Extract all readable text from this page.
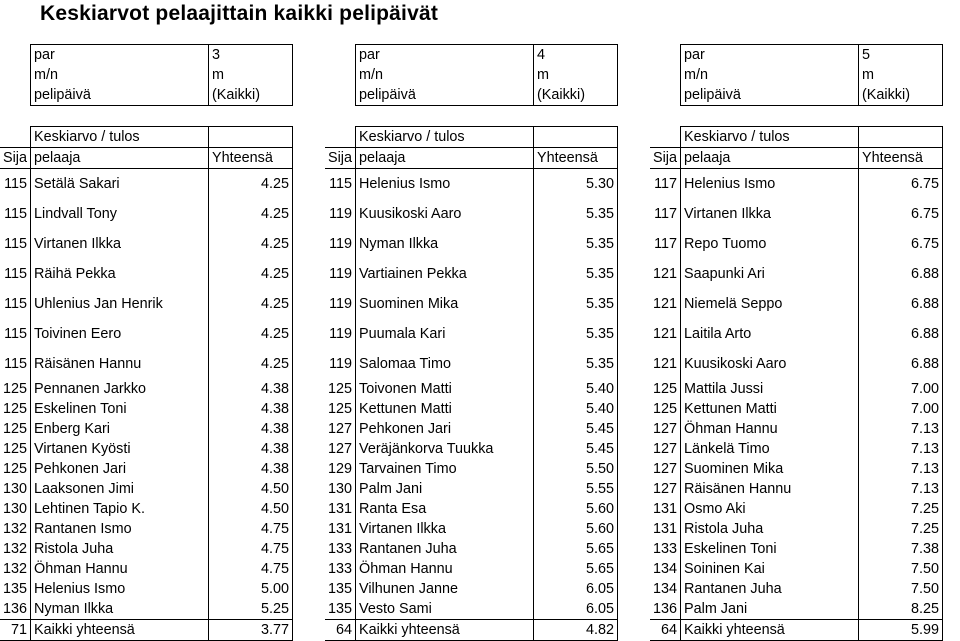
Keskiarvot pelaajittain kaikki pelipäivät
	par	3
	m/n	m
	pelipäivä	(Kaikki)

	Keskiarvo / tulos	
Sija	pelaaja	Yhteensä
115	Setälä Sakari	4.25
115	Lindvall Tony	4.25
115	Virtanen Ilkka	4.25
115	Räihä Pekka	4.25
115	Uhlenius Jan Henrik	4.25
115	Toivinen Eero	4.25
115	Räisänen Hannu	4.25
125	Pennanen Jarkko	4.38
125	Eskelinen Toni	4.38
125	Enberg Kari	4.38
125	Virtanen Kyösti	4.38
125	Pehkonen Jari	4.38
130	Laaksonen Jimi	4.50
130	Lehtinen Tapio K.	4.50
132	Rantanen Ismo	4.75
132	Ristola Juha	4.75
132	Öhman Hannu	4.75
135	Helenius Ismo	5.00
136	Nyman Ilkka	5.25
71	Kaikki yhteensä	3.77
	par	4
	m/n	m
	pelipäivä	(Kaikki)

	Keskiarvo / tulos	
Sija	pelaaja	Yhteensä
115	Helenius Ismo	5.30
119	Kuusikoski Aaro	5.35
119	Nyman Ilkka	5.35
119	Vartiainen Pekka	5.35
119	Suominen Mika	5.35
119	Puumala Kari	5.35
119	Salomaa Timo	5.35
125	Toivonen Matti	5.40
125	Kettunen Matti	5.40
127	Pehkonen Jari	5.45
127	Veräjänkorva Tuukka	5.45
129	Tarvainen Timo	5.50
130	Palm Jani	5.55
131	Ranta Esa	5.60
131	Virtanen Ilkka	5.60
133	Rantanen Juha	5.65
133	Öhman Hannu	5.65
135	Vilhunen Janne	6.05
135	Vesto Sami	6.05
64	Kaikki yhteensä	4.82
	par	5
	m/n	m
	pelipäivä	(Kaikki)

	Keskiarvo / tulos	
Sija	pelaaja	Yhteensä
117	Helenius Ismo	6.75
117	Virtanen Ilkka	6.75
117	Repo Tuomo	6.75
121	Saapunki Ari	6.88
121	Niemelä Seppo	6.88
121	Laitila Arto	6.88
121	Kuusikoski Aaro	6.88
125	Mattila Jussi	7.00
125	Kettunen Matti	7.00
127	Öhman Hannu	7.13
127	Länkelä Timo	7.13
127	Suominen Mika	7.13
127	Räisänen Hannu	7.13
131	Osmo Aki	7.25
131	Ristola Juha	7.25
133	Eskelinen Toni	7.38
134	Soininen Kai	7.50
134	Rantanen Juha	7.50
136	Palm Jani	8.25
64	Kaikki yhteensä	5.99
